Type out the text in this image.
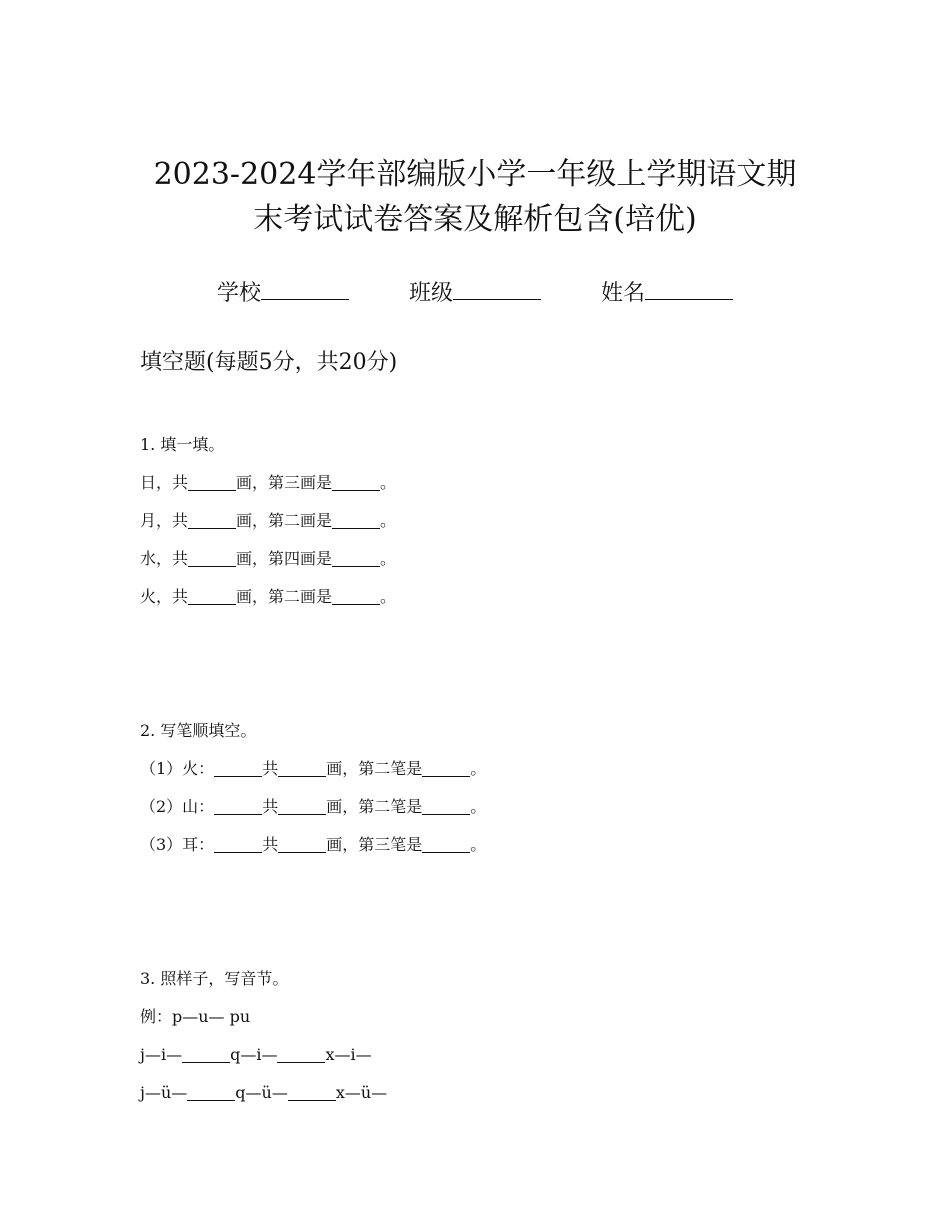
2023-2024学年部编版小学一年级上学期语文期
末考试试卷答案及解析包含(培优)
学校	班级	姓名
填空题(每题5分，共20分)
1. 填一填。
日，共	画，第三画是	。
月，共	画，第二画是	。
水，共	画，第四画是	。
火，共	画，第二画是	。
2. 写笔顺填空。
（1）火：	共	画，第二笔是	。
（2）山：	共	画，第二笔是	。
（3）耳：	共	画，第三笔是	。
3. 照样子，写音节。
例：p—u— pu
j—i—	q—i—	x—i—
j—ü—	q—ü—	x—ü—
